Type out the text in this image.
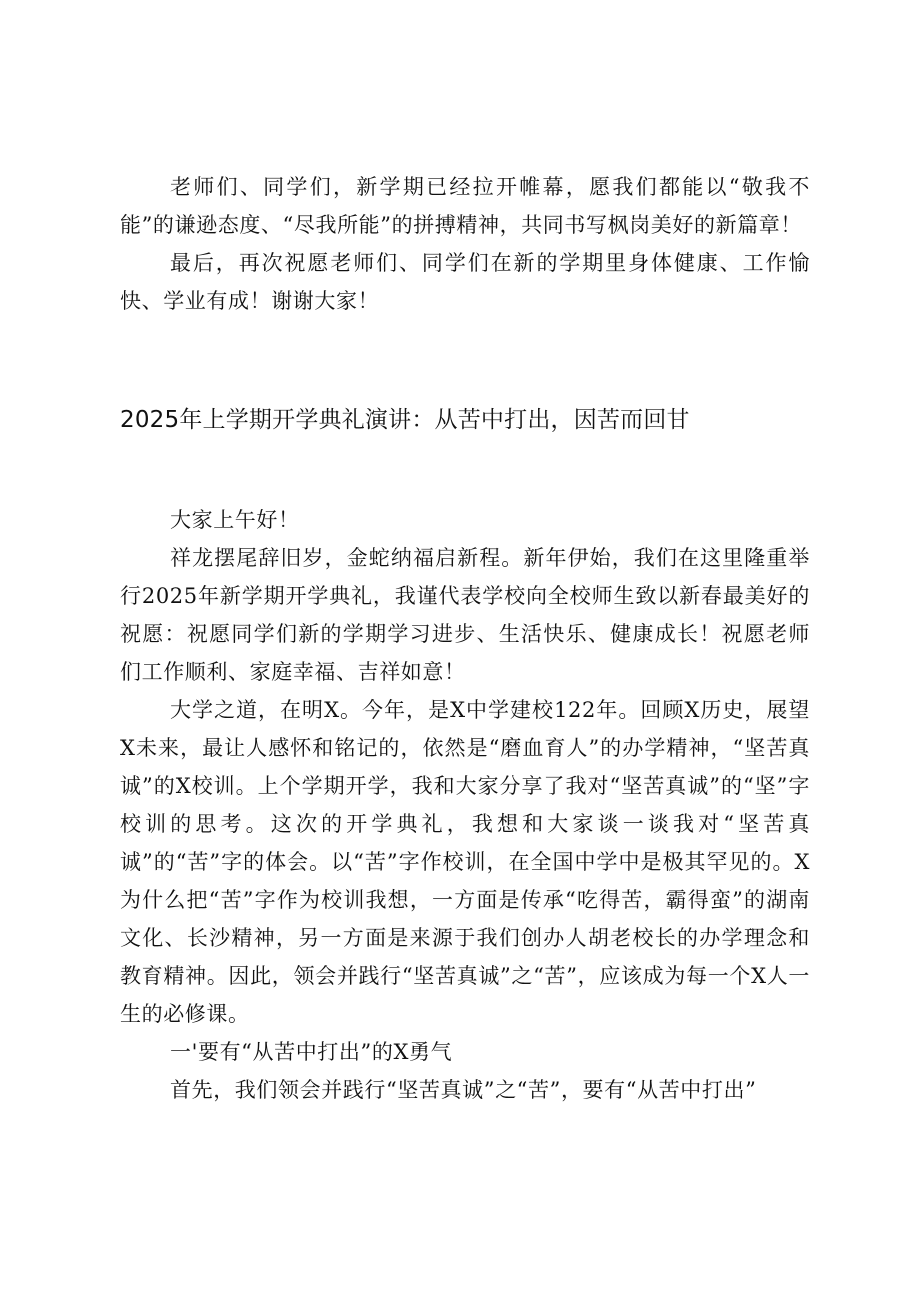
老师们、同学们，新学期已经拉开帷幕，愿我们都能以“敬我不能”的谦逊态度、“尽我所能”的拼搏精神，共同书写枫岗美好的新篇章！

最后，再次祝愿老师们、同学们在新的学期里身体健康、工作愉快、学业有成！谢谢大家！

2025年上学期开学典礼演讲：从苦中打出，因苦而回甘

大家上午好！

祥龙摆尾辞旧岁，金蛇纳福启新程。新年伊始，我们在这里隆重举行2025年新学期开学典礼，我谨代表学校向全校师生致以新春最美好的祝愿：祝愿同学们新的学期学习进步、生活快乐、健康成长！祝愿老师们工作顺利、家庭幸福、吉祥如意！

大学之道，在明X。今年，是X中学建校122年。回顾X历史，展望X未来，最让人感怀和铭记的，依然是“磨血育人”的办学精神，“坚苦真诚”的X校训。上个学期开学，我和大家分享了我对“坚苦真诚”的“坚”字校训的思考。这次的开学典礼，我想和大家谈一谈我对“坚苦真诚”的“苦”字的体会。以“苦”字作校训，在全国中学中是极其罕见的。X为什么把“苦”字作为校训我想，一方面是传承“吃得苦，霸得蛮”的湖南文化、长沙精神，另一方面是来源于我们创办人胡老校长的办学理念和教育精神。因此，领会并践行“坚苦真诚”之“苦”，应该成为每一个X人一生的必修课。

一'要有“从苦中打出”的X勇气

首先，我们领会并践行“坚苦真诚”之“苦”，要有“从苦中打出”
